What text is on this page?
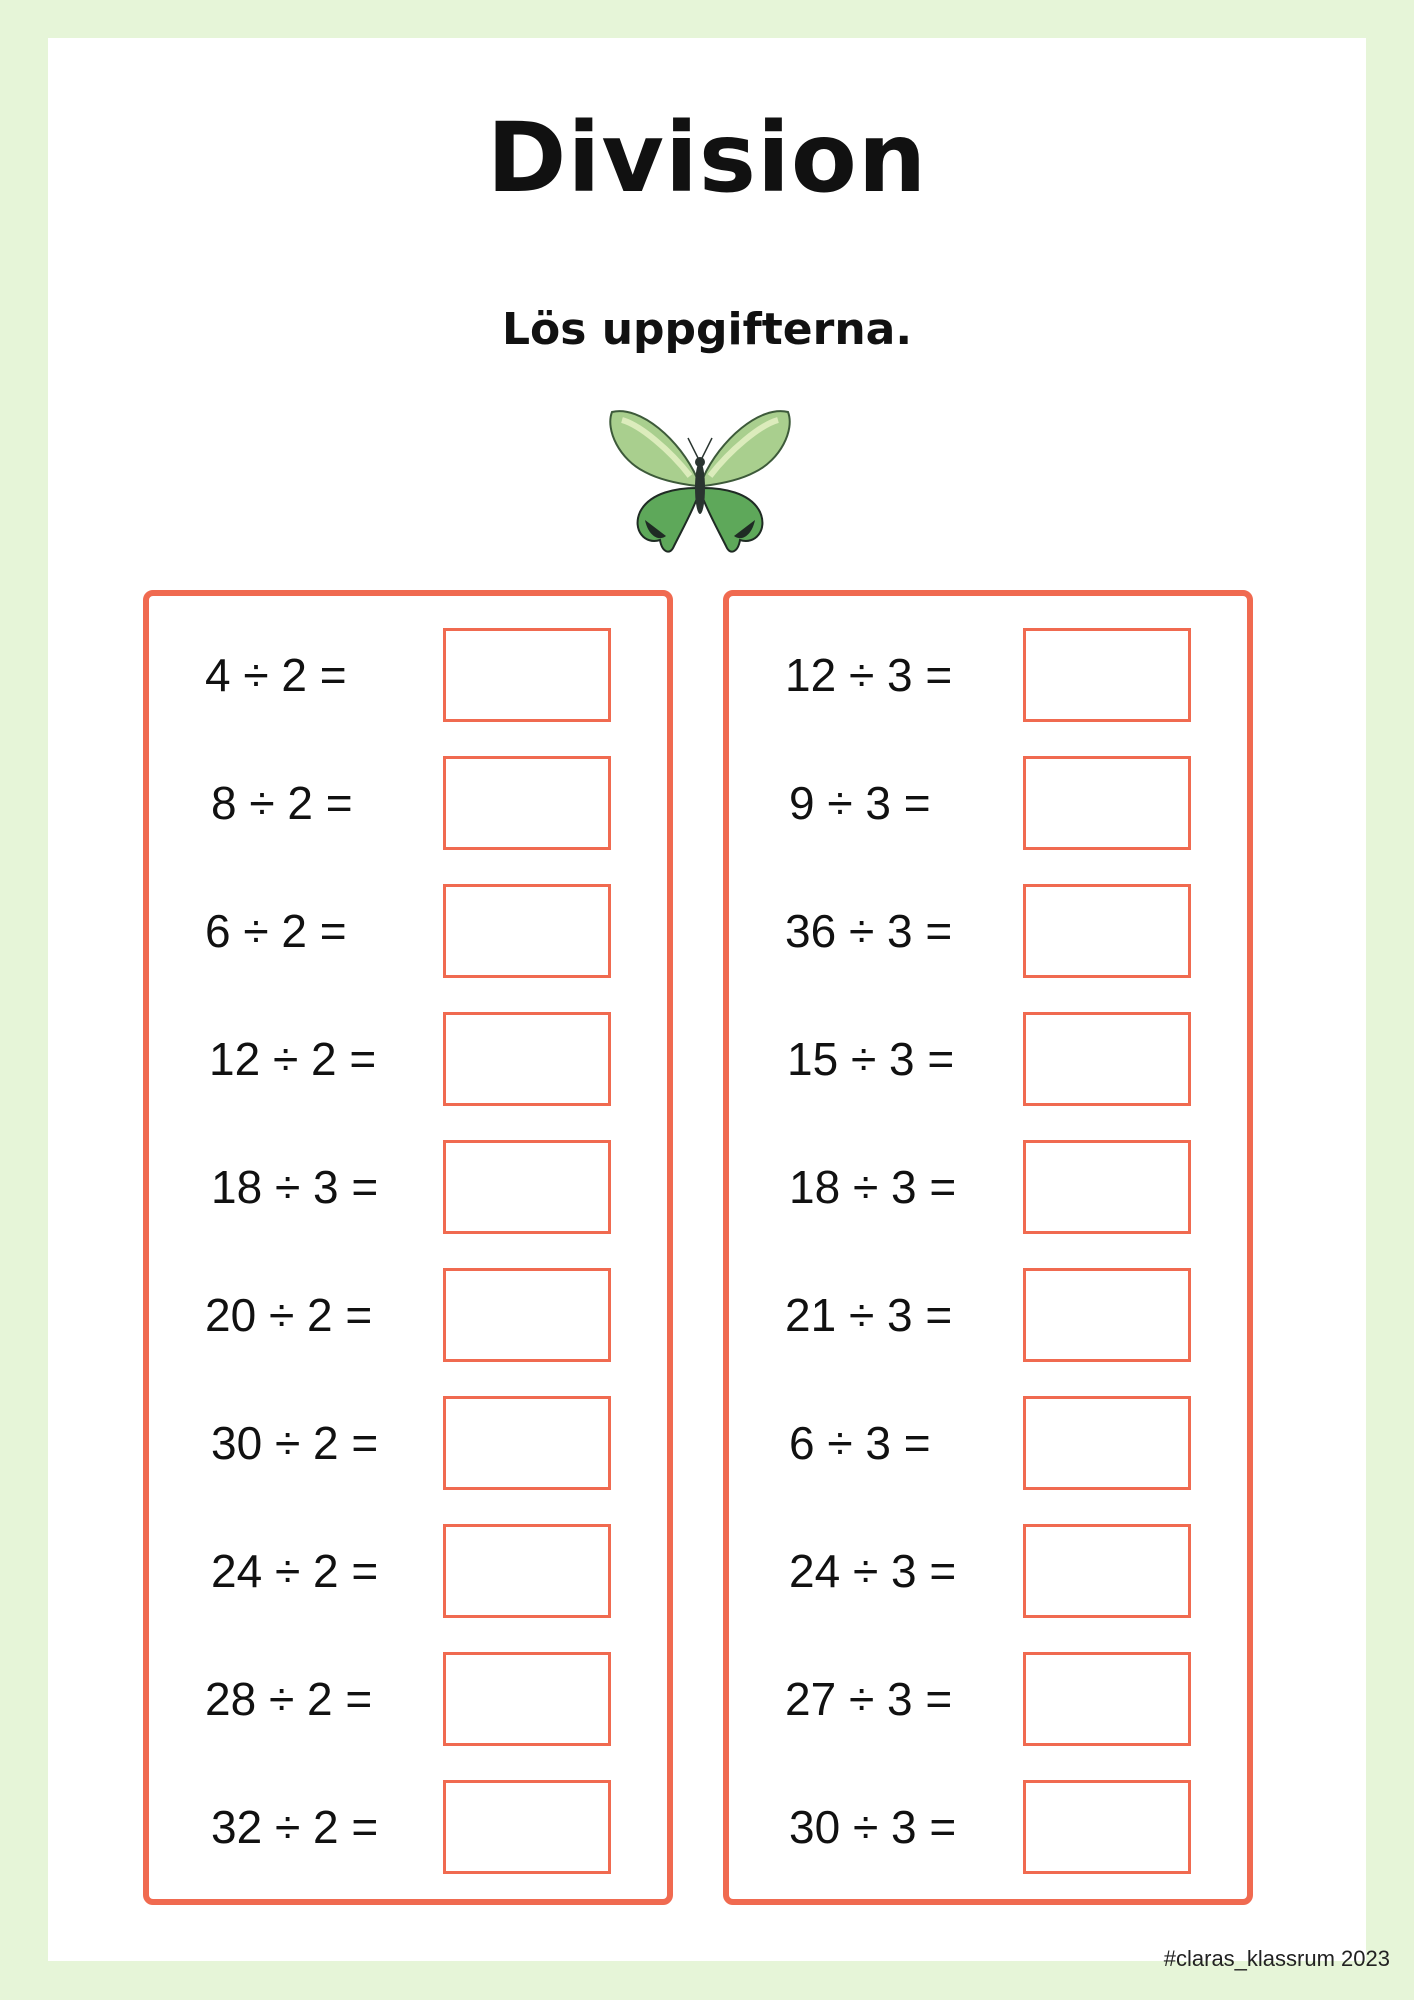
Division
Lös uppgifterna.
4 ÷ 2 =
8 ÷ 2 =
6 ÷ 2 =
12 ÷ 2 =
18 ÷ 3 =
20 ÷ 2 =
30 ÷ 2 =
24 ÷ 2 =
28 ÷ 2 =
32 ÷ 2 =
12 ÷ 3 =
9 ÷ 3 =
36 ÷ 3 =
15 ÷ 3 =
18 ÷ 3 =
21 ÷ 3 =
6 ÷ 3 =
24 ÷ 3 =
27 ÷ 3 =
30 ÷ 3 =
#claras_klassrum 2023
